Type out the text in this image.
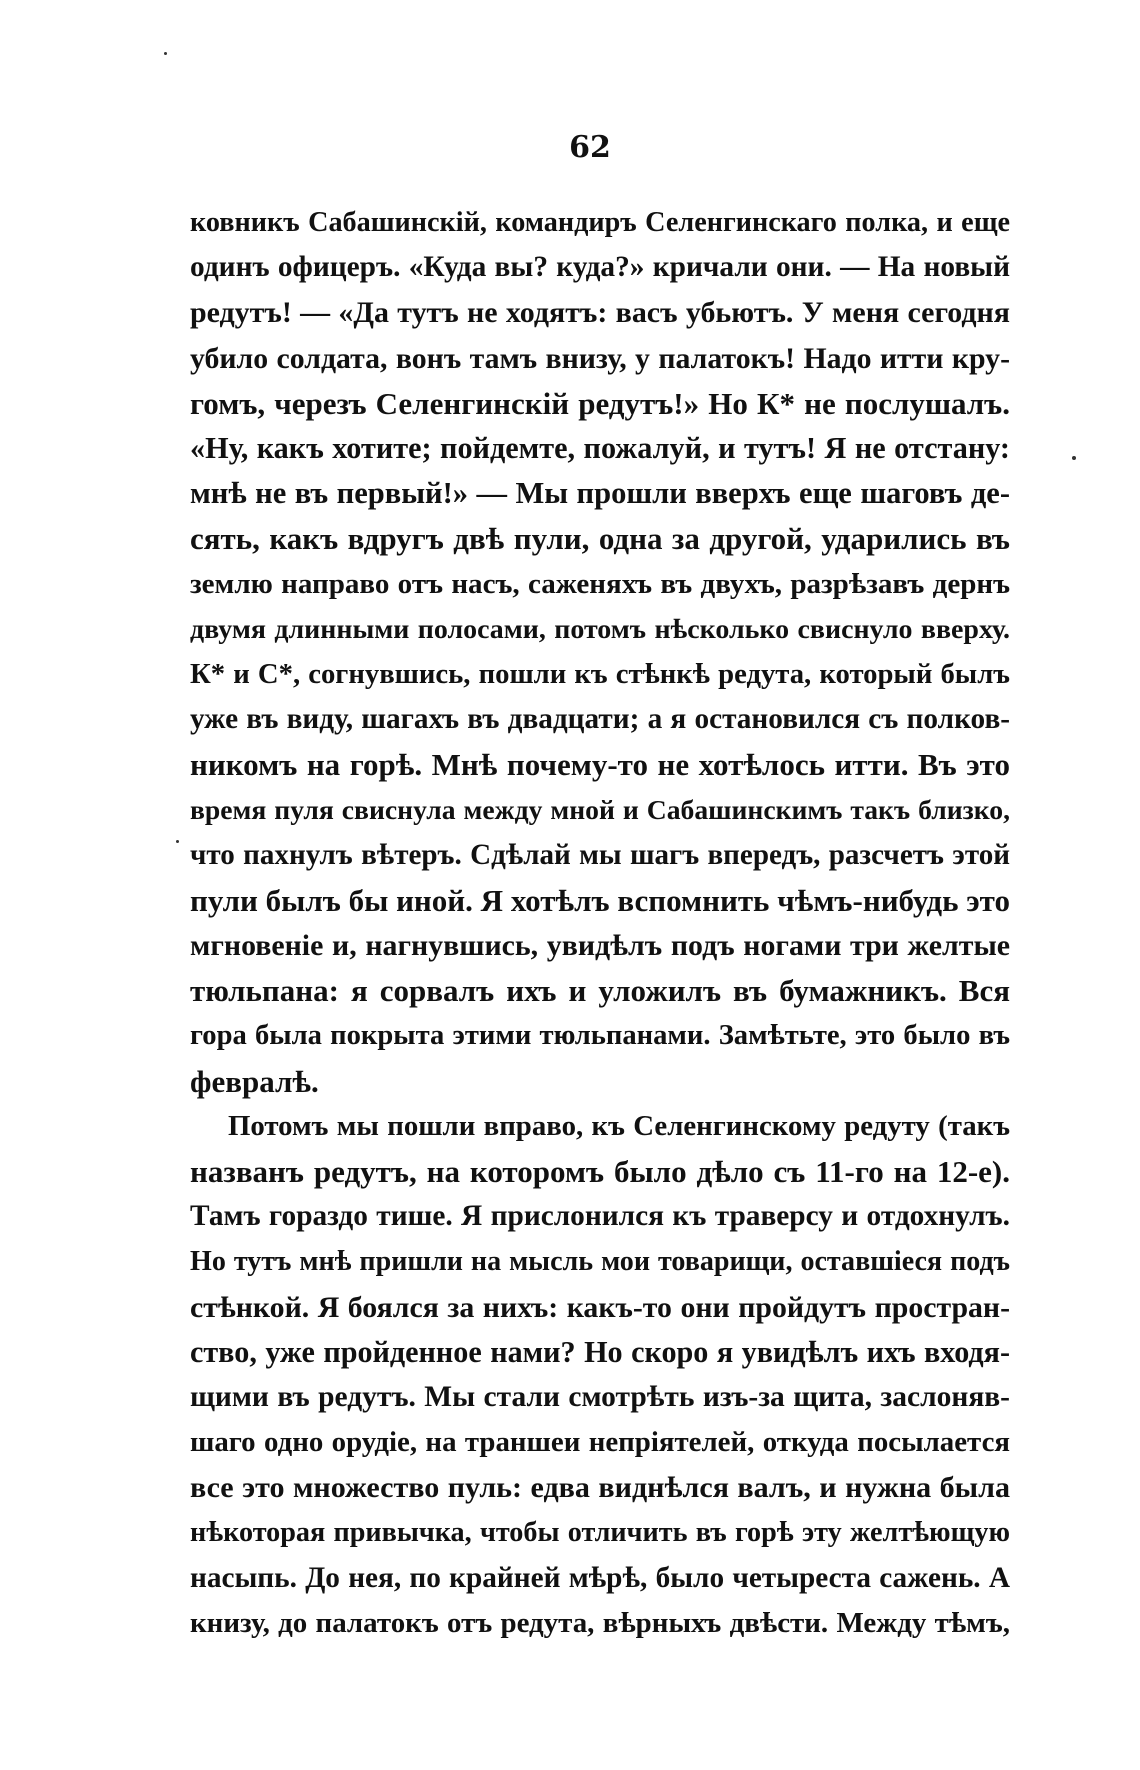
62
ковникъ Сабашинскій, командиръ Селенгинскаго полка, и еще
одинъ офицеръ. «Куда вы? куда?» кричали они. — На новый
редутъ! — «Да тутъ не ходятъ: васъ убьютъ. У меня сегодня
убило солдата, вонъ тамъ внизу, у палатокъ! Надо итти кру-
гомъ, черезъ Селенгинскій редутъ!» Но К* не послушалъ.
«Ну, какъ хотите; пойдемте, пожалуй, и тутъ! Я не отстану:
мнѣ не въ первый!» — Мы прошли вверхъ еще шаговъ де-
сять, какъ вдругъ двѣ пули, одна за другой, ударились въ
землю направо отъ насъ, саженяхъ въ двухъ, разрѣзавъ дернъ
двумя длинными полосами, потомъ нѣсколько свиснуло вверху.
К* и С*, согнувшись, пошли къ стѣнкѣ редута, который былъ
уже въ виду, шагахъ въ двадцати; а я остановился съ полков-
никомъ на горѣ. Мнѣ почему-то не хотѣлось итти. Въ это
время пуля свиснула между мной и Сабашинскимъ такъ близко,
что пахнулъ вѣтеръ. Сдѣлай мы шагъ впередъ, разсчетъ этой
пули былъ бы иной. Я хотѣлъ вспомнить чѣмъ-нибудь это
мгновеніе и, нагнувшись, увидѣлъ подъ ногами три желтые
тюльпана: я сорвалъ ихъ и уложилъ въ бумажникъ. Вся
гора была покрыта этими тюльпанами. Замѣтьте, это было въ
февралѣ.
Потомъ мы пошли вправо, къ Селенгинскому редуту (такъ
названъ редутъ, на которомъ было дѣло съ 11-го на 12-е).
Тамъ гораздо тише. Я прислонился къ траверсу и отдохнулъ.
Но тутъ мнѣ пришли на мысль мои товарищи, оставшіеся подъ
стѣнкой. Я боялся за нихъ: какъ-то они пройдутъ простран-
ство, уже пройденное нами? Но скоро я увидѣлъ ихъ входя-
щими въ редутъ. Мы стали смотрѣть изъ-за щита, заслоняв-
шаго одно орудіе, на траншеи непріятелей, откуда посылается
все это множество пуль: едва виднѣлся валъ, и нужна была
нѣкоторая привычка, чтобы отличить въ горѣ эту желтѣющую
насыпь. До нея, по крайней мѣрѣ, было четыреста сажень. А
книзу, до палатокъ отъ редута, вѣрныхъ двѣсти. Между тѣмъ,
